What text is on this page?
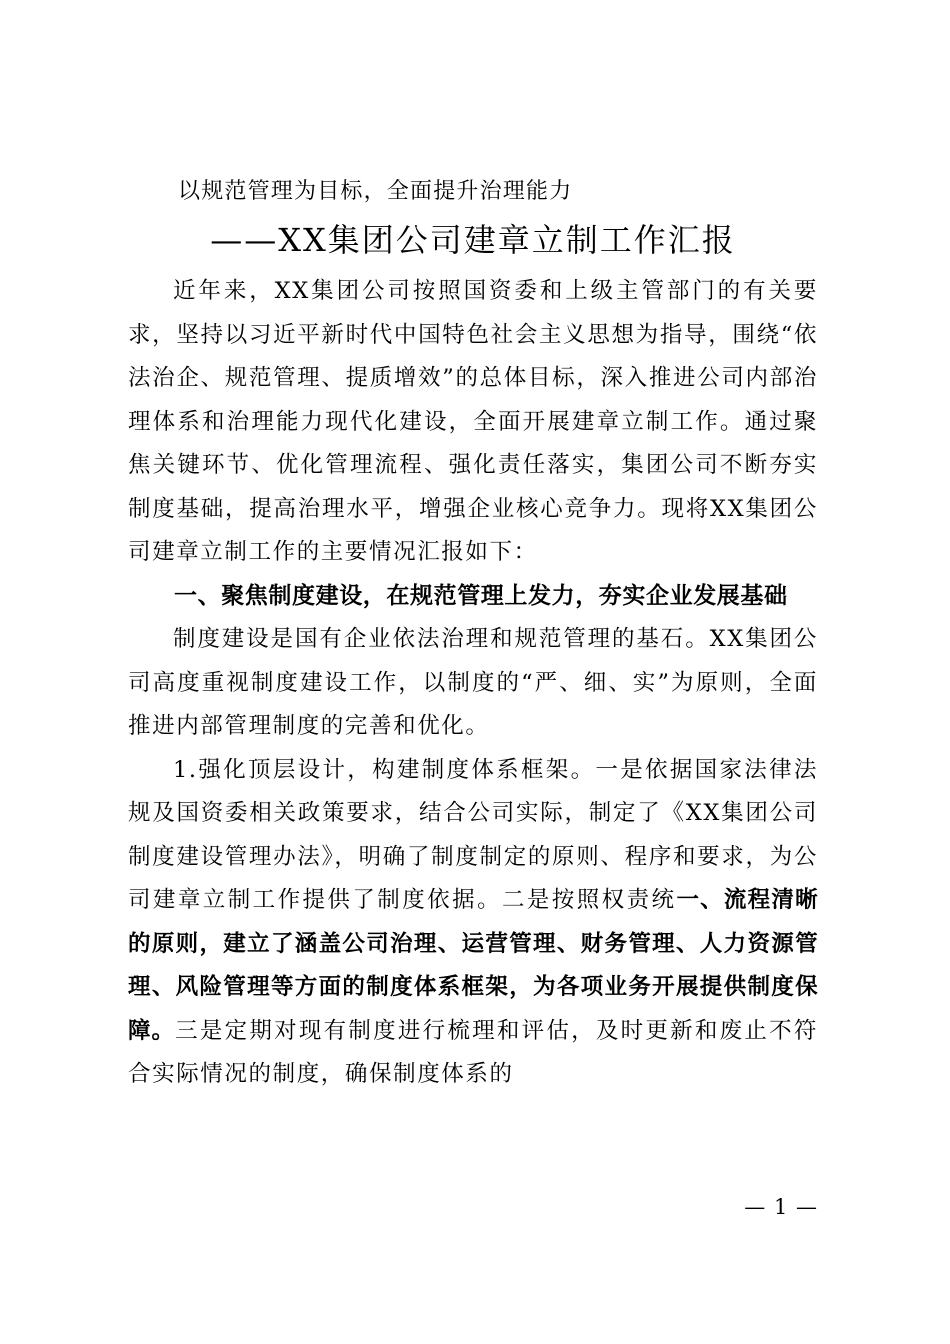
以规范管理为目标，全面提升治理能力

——XX集团公司建章立制工作汇报

近年来，XX集团公司按照国资委和上级主管部门的有关要求，坚持以习近平新时代中国特色社会主义思想为指导，围绕“依法治企、规范管理、提质增效”的总体目标，深入推进公司内部治理体系和治理能力现代化建设，全面开展建章立制工作。通过聚焦关键环节、优化管理流程、强化责任落实，集团公司不断夯实制度基础，提高治理水平，增强企业核心竞争力。现将XX集团公司建章立制工作的主要情况汇报如下：

一、聚焦制度建设，在规范管理上发力，夯实企业发展基础

制度建设是国有企业依法治理和规范管理的基石。XX集团公司高度重视制度建设工作，以制度的“严、细、实”为原则，全面推进内部管理制度的完善和优化。

1.强化顶层设计，构建制度体系框架。一是依据国家法律法规及国资委相关政策要求，结合公司实际，制定了《XX集团公司制度建设管理办法》，明确了制度制定的原则、程序和要求，为公司建章立制工作提供了制度依据。二是按照权责统一、流程清晰的原则，建立了涵盖公司治理、运营管理、财务管理、人力资源管理、风险管理等方面的制度体系框架，为各项业务开展提供制度保障。三是定期对现有制度进行梳理和评估，及时更新和废止不符合实际情况的制度，确保制度体系的

— 1 —
